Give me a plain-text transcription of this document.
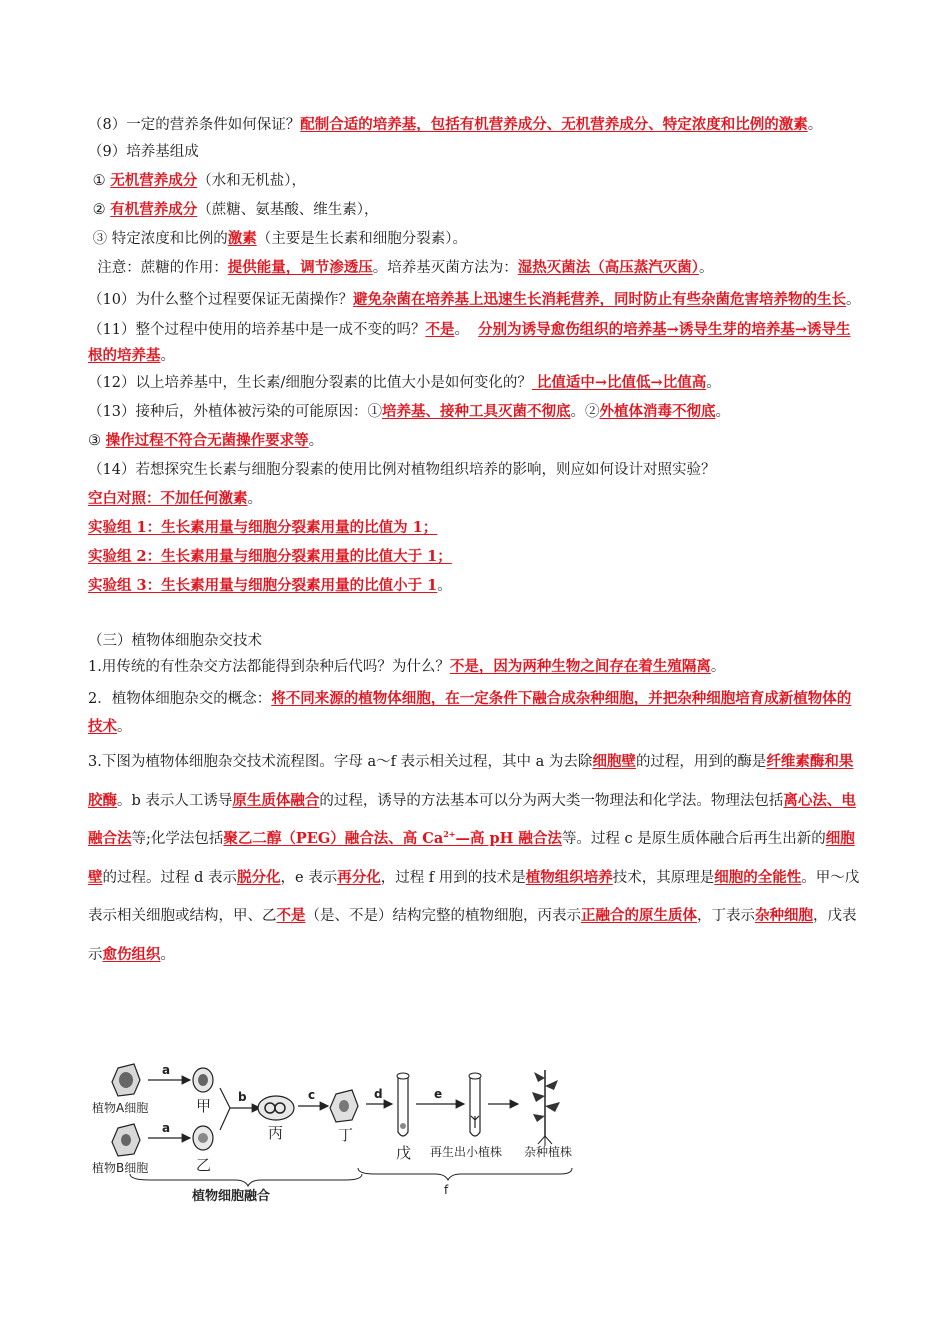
（8）一定的营养条件如何保证？配制合适的培养基，包括有机营养成分、无机营养成分、特定浓度和比例的激素。
（9）培养基组成
① 无机营养成分（水和无机盐），
② 有机营养成分（蔗糖、氨基酸、维生素），
③ 特定浓度和比例的激素（主要是生长素和细胞分裂素）。
注意：蔗糖的作用：提供能量，调节渗透压。培养基灭菌方法为：湿热灭菌法（高压蒸汽灭菌）。
（10）为什么整个过程要保证无菌操作？避免杂菌在培养基上迅速生长消耗营养，同时防止有些杂菌危害培养物的生长。
（11）整个过程中使用的培养基中是一成不变的吗？不是。  分别为诱导愈伤组织的培养基→诱导生芽的培养基→诱导生根的培养基。
（12）以上培养基中，生长素/细胞分裂素的比值大小是如何变化的？ 比值适中→比值低→比值高。
（13）接种后，外植体被污染的可能原因：①培养基、接种工具灭菌不彻底。②外植体消毒不彻底。
③ 操作过程不符合无菌操作要求等。
（14）若想探究生长素与细胞分裂素的使用比例对植物组织培养的影响，则应如何设计对照实验？
空白对照：不加任何激素。
实验组 1：生长素用量与细胞分裂素用量的比值为 1；
实验组 2：生长素用量与细胞分裂素用量的比值大于 1；
实验组 3：生长素用量与细胞分裂素用量的比值小于 1。
（三）植物体细胞杂交技术
1.用传统的有性杂交方法都能得到杂种后代吗？为什么？不是，因为两种生物之间存在着生殖隔离。
2．植物体细胞杂交的概念：将不同来源的植物体细胞，在一定条件下融合成杂种细胞，并把杂种细胞培育成新植物体的技术。
3.下图为植物体细胞杂交技术流程图。字母 a～f 表示相关过程，其中 a 为去除细胞壁的过程，用到的酶是纤维素酶和果胶酶。b 表示人工诱导原生质体融合的过程，诱导的方法基本可以分为两大类一物理法和化学法。物理法包括离心法、电融合法等;化学法包括聚乙二醇（PEG）融合法、高 $Ca^{2+}—$高 pH 融合法等。过程 c 是原生质体融合后再生出新的细胞壁的过程。过程 d 表示脱分化，e 表示再分化，过程 f 用到的技术是植物组织培养技术，其原理是细胞的全能性。甲～戊表示相关细胞或结构，甲、乙不是（是、不是）结构完整的植物细胞，丙表示正融合的原生质体，丁表示杂种细胞，戊表示愈伤组织。
植物A细胞
a
甲
植物B细胞
a
乙
b
丙
c
丁
d
戊
e
再生出小植株 杂种植株
植物细胞融合	f
